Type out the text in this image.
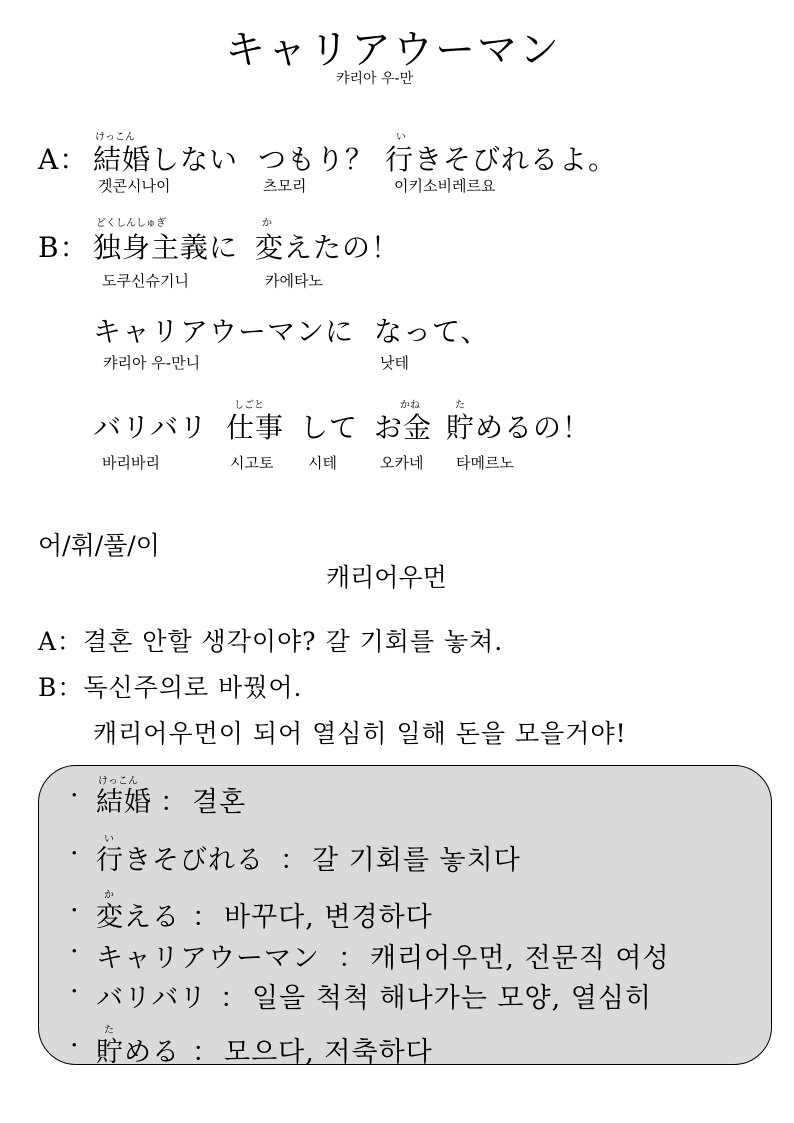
キャリアウーマン
캬리아 우-만
A：
けっこん
結婚しない つもり？
い
行きそびれるよ。
겟콘시나이	츠모리	이키소비레르요
B：
どくしんしゅぎ
独身主義に
か
変えたの！
도쿠신슈기니	카에타노
キャリアウーマンに なって、
캬리아 우-만니	낫테
バリバリ
しごと
仕事 して
かね
お金
た
貯めるの！
바리바리	시고토 시테	오카네 타메르노
어/휘/풀/이
캐리어우먼
A：결혼 안할 생각이야? 갈 기회를 놓쳐.
B：독신주의로 바꿨어.
캐리어우먼이 되어 열심히 일해 돈을 모을거야!
· けっこん
結婚 ： 결혼
· い
行きそびれる ： 갈 기회를 놓치다
· か
変える ： 바꾸다, 변경하다
· キャリアウーマン ： 캐리어우먼, 전문직 여성
· バリバリ ： 일을 척척 해나가는 모양, 열심히
· た
貯める ： 모으다, 저축하다
